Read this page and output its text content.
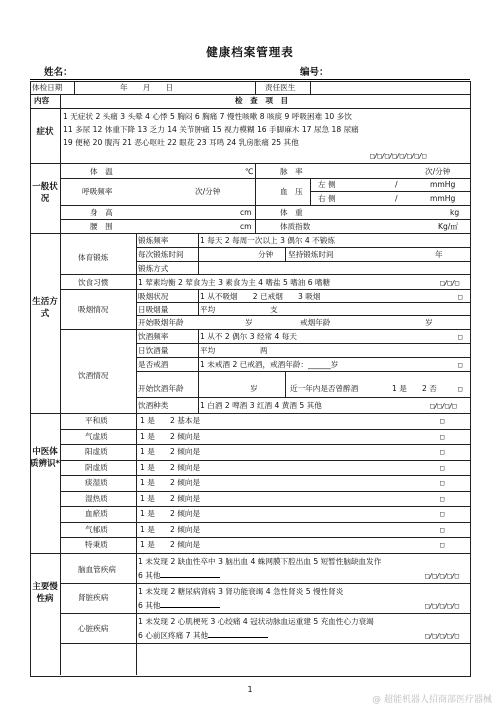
健康档案管理表
姓名：	编号：
体检日期	年　　月　　日	责任医生
内容	检　查　项　目
症状
1 无症状 2 头痛 3 头晕 4 心悸 5 胸闷 6 胸痛 7 慢性咳嗽 8 咳痰 9 呼吸困难 10 多饮
11 多尿 12 体重下降 13 乏力 14 关节肿痛 15 视力模糊 16 手脚麻木 17 尿急 18 尿痛
19 便秘 20 腹泻 21 恶心呕吐 22 眼花 23 耳鸣 24 乳房胀痛 25 其他
□/□/□/□/□/□/□/□
一般状况
体　温	℃	脉　率	次/分钟
呼吸频率	次/分钟	血　压
左 侧	/	mmHg
右 侧	/	mmHg
身　高	cm	体　重	kg
腰　围	cm	体质指数	Kg/㎡
生活方式
体育锻炼
锻炼频率	1 每天 2 每周一次以上 3 偶尔 4 不锻炼
每次锻炼时间	分钟 坚持锻炼时间	年
锻炼方式
饮食习惯	1 荤素均衡 2 荤食为主 3 素食为主 4 嗜盐 5 嗜油 6 嗜糖	□/□/□
吸烟情况
吸烟状况	1 从不吸烟　　2 已戒烟　　3 吸烟	□
日吸烟量	平均	支
开始吸烟年龄	岁	戒烟年龄	岁
饮酒情况
饮酒频率	1 从不 2 偶尔 3 经常 4 每天	□
日饮酒量	平均	两
是否戒酒	1 未戒酒 2 已戒酒，戒酒年龄：______岁	□
开始饮酒年龄	岁	近一年内是否曾醉酒	1 是 2 否	□
饮酒种类	1 白酒 2 啤酒 3 红酒 4 黄酒 5 其他	□/□/□/□
中医体质辨识*
平和质	1 是　　2 基本是	□
气虚质	1 是　　2 倾向是	□
阳虚质	1 是　　2 倾向是	□
阴虚质	1 是　　2 倾向是	□
痰湿质	1 是　　2 倾向是	□
湿热质	1 是　　2 倾向是	□
血瘀质	1 是　　2 倾向是	□
气郁质	1 是　　2 倾向是	□
特秉质	1 是　　2 倾向是	□
主要慢性病
脑血管疾病
1 未发现 2 缺血性卒中 3 脑出血 4 蛛网膜下腔出血 5 短暂性脑缺血发作
6 其他	□/□/□/□/□
肾脏疾病
1 未发现 2 糖尿病肾病 3 肾功能衰竭 4 急性肾炎 5 慢性肾炎
6 其他	□/□/□/□/□
心脏疾病
1 未发现 2 心肌梗死 3 心绞痛 4 冠状动脉血运重建 5 充血性心力衰竭
6 心前区疼痛 7 其他	□/□/□/□/□
1
@ 超能机器人招商部医疗器械
